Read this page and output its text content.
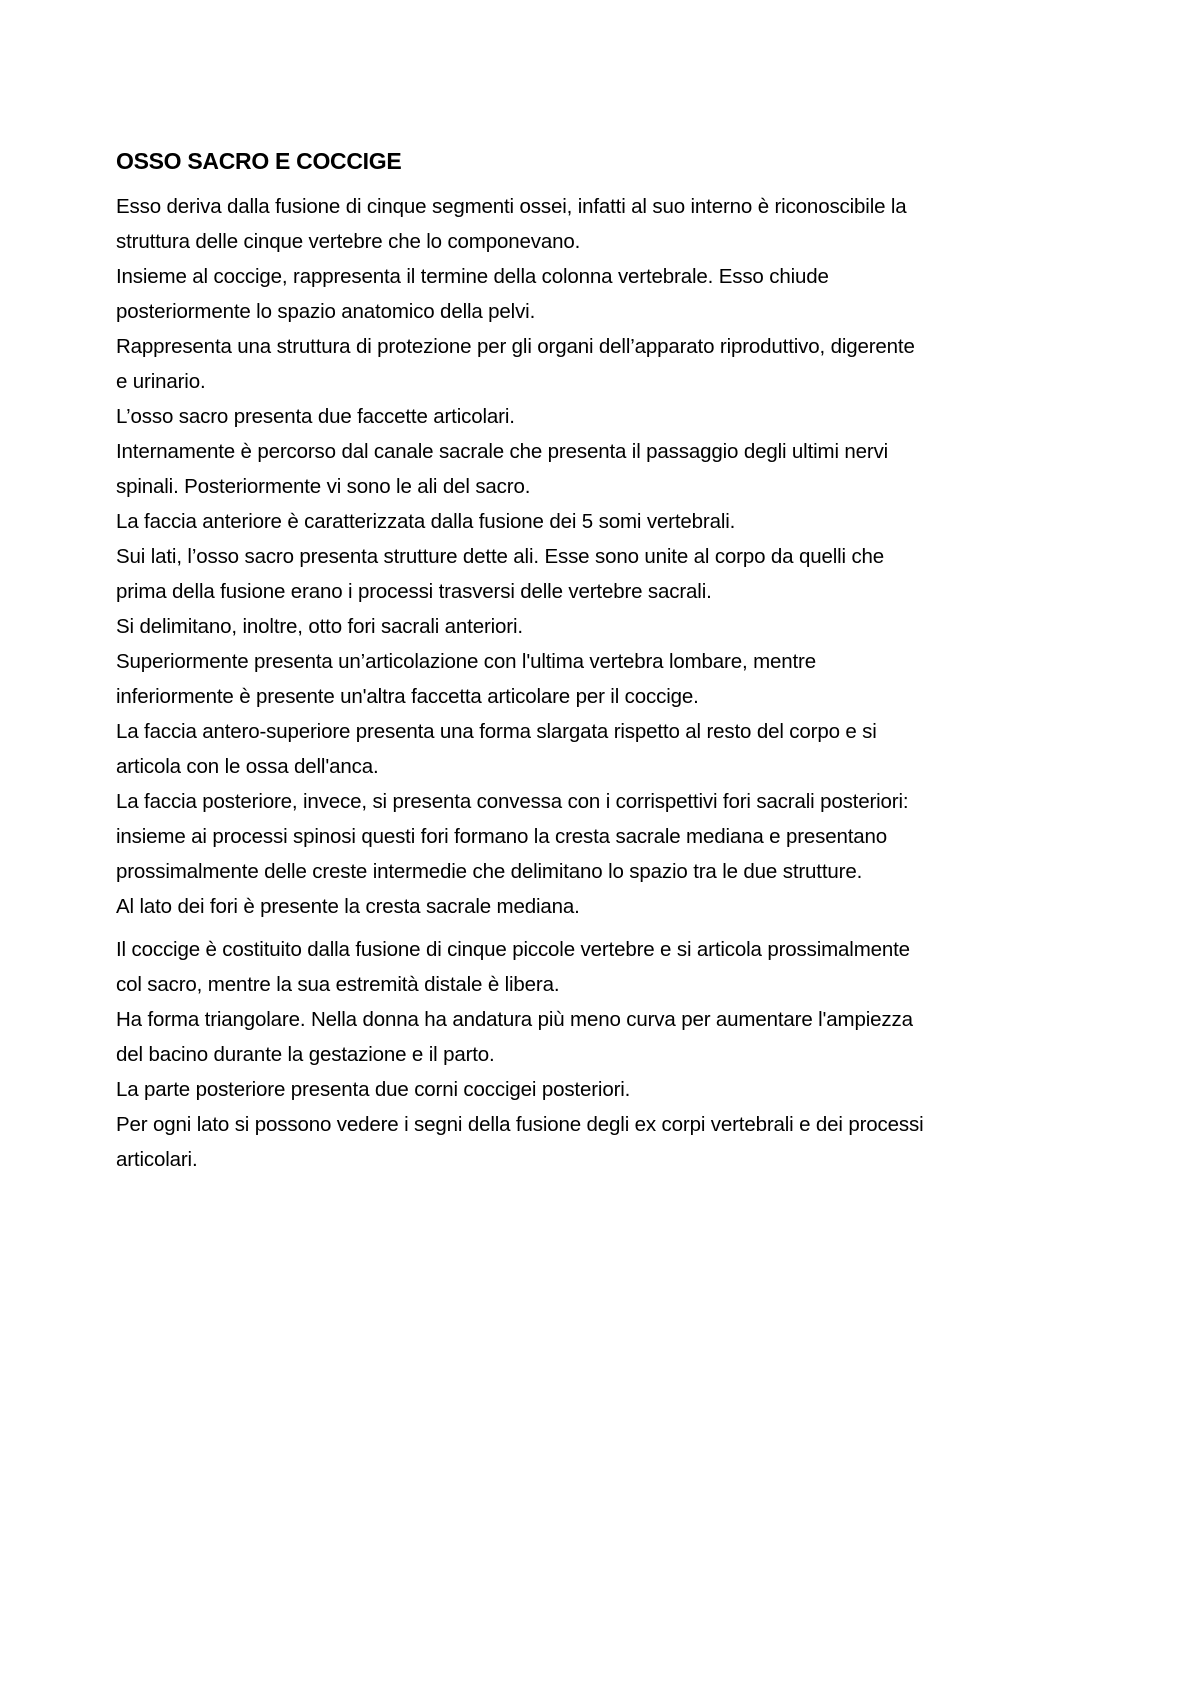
OSSO SACRO E COCCIGE

Esso deriva dalla fusione di cinque segmenti ossei, infatti al suo interno è riconoscibile la
struttura delle cinque vertebre che lo componevano.
Insieme al coccige, rappresenta il termine della colonna vertebrale. Esso chiude
posteriormente lo spazio anatomico della pelvi.
Rappresenta una struttura di protezione per gli organi dell’apparato riproduttivo, digerente
e urinario.
L’osso sacro presenta due faccette articolari.
Internamente è percorso dal canale sacrale che presenta il passaggio degli ultimi nervi
spinali. Posteriormente vi sono le ali del sacro.
La faccia anteriore è caratterizzata dalla fusione dei 5 somi vertebrali.
Sui lati, l’osso sacro presenta strutture dette ali. Esse sono unite al corpo da quelli che
prima della fusione erano i processi trasversi delle vertebre sacrali.
Si delimitano, inoltre, otto fori sacrali anteriori.
Superiormente presenta un’articolazione con l'ultima vertebra lombare, mentre
inferiormente è presente un'altra faccetta articolare per il coccige.
La faccia antero-superiore presenta una forma slargata rispetto al resto del corpo e si
articola con le ossa dell'anca.
La faccia posteriore, invece, si presenta convessa con i corrispettivi fori sacrali posteriori:
insieme ai processi spinosi questi fori formano la cresta sacrale mediana e presentano
prossimalmente delle creste intermedie che delimitano lo spazio tra le due strutture.
Al lato dei fori è presente la cresta sacrale mediana.

Il coccige è costituito dalla fusione di cinque piccole vertebre e si articola prossimalmente
col sacro, mentre la sua estremità distale è libera.
Ha forma triangolare. Nella donna ha andatura più meno curva per aumentare l'ampiezza
del bacino durante la gestazione e il parto.
La parte posteriore presenta due corni coccigei posteriori.
Per ogni lato si possono vedere i segni della fusione degli ex corpi vertebrali e dei processi
articolari.
